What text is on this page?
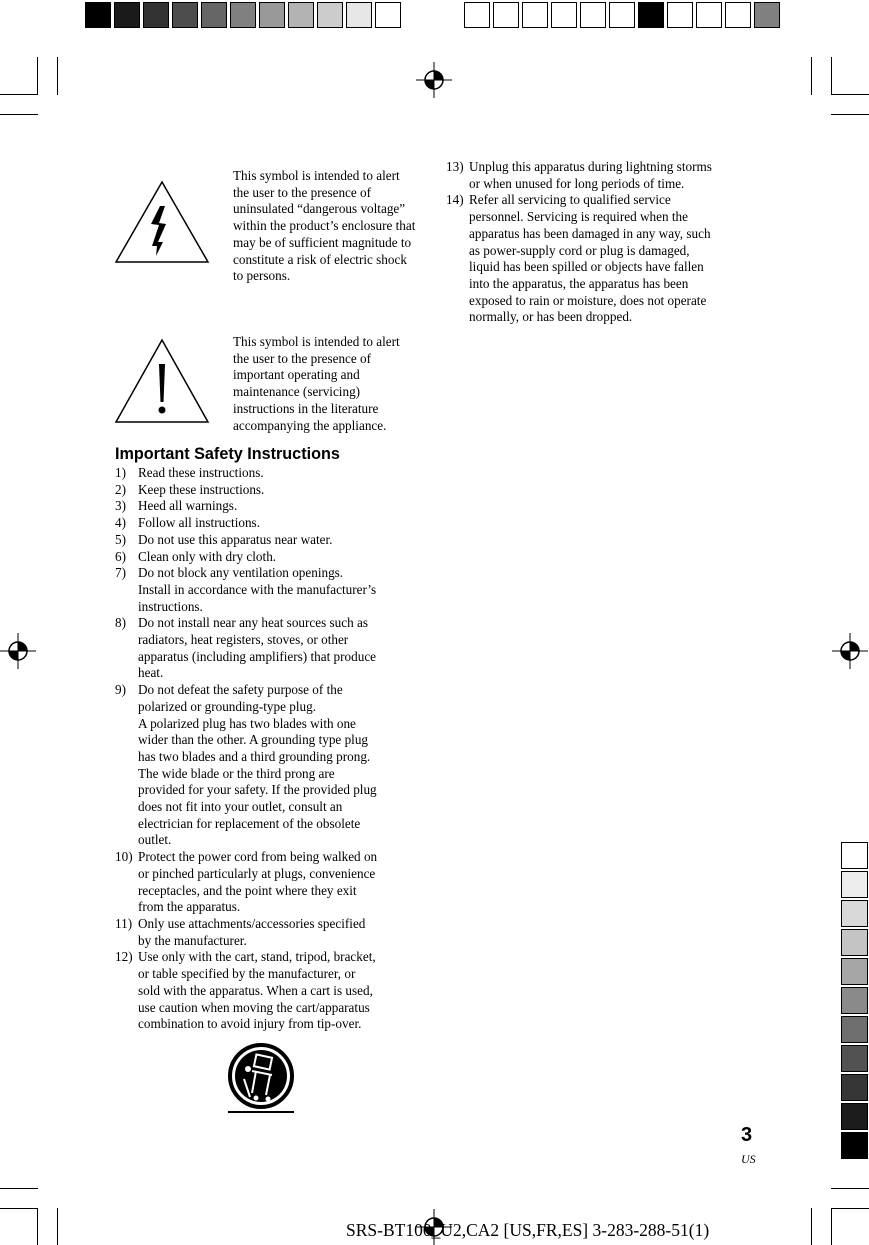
This symbol is intended to alert the user to the presence of uninsulated “dangerous voltage” within the product’s enclosure that may be of sufficient magnitude to constitute a risk of electric shock to persons.
This symbol is intended to alert the user to the presence of important operating and maintenance (servicing) instructions in the literature accompanying the appliance.
Important Safety Instructions
1) Read these instructions.
2) Keep these instructions.
3) Heed all warnings.
4) Follow all instructions.
5) Do not use this apparatus near water.
6) Clean only with dry cloth.
7) Do not block any ventilation openings.
Install in accordance with the manufacturer’s
instructions.
8) Do not install near any heat sources such as
radiators, heat registers, stoves, or other
apparatus (including amplifiers) that produce
heat.
9) Do not defeat the safety purpose of the
polarized or grounding-type plug.
A polarized plug has two blades with one
wider than the other. A grounding type plug
has two blades and a third grounding prong.
The wide blade or the third prong are
provided for your safety. If the provided plug
does not fit into your outlet, consult an
electrician for replacement of the obsolete
outlet.
10) Protect the power cord from being walked on
or pinched particularly at plugs, convenience
receptacles, and the point where they exit
from the apparatus.
11) Only use attachments/accessories specified
by the manufacturer.
12) Use only with the cart, stand, tripod, bracket,
or table specified by the manufacturer, or
sold with the apparatus. When a cart is used,
use caution when moving the cart/apparatus
combination to avoid injury from tip-over.
13) Unplug this apparatus during lightning storms
or when unused for long periods of time.
14) Refer all servicing to qualified service
personnel. Servicing is required when the
apparatus has been damaged in any way, such
as power-supply cord or plug is damaged,
liquid has been spilled or objects have fallen
into the apparatus, the apparatus has been
exposed to rain or moisture, does not operate
normally, or has been dropped.
3
US
SRS-BT100_U2,CA2 [US,FR,ES] 3-283-288-51(1)
